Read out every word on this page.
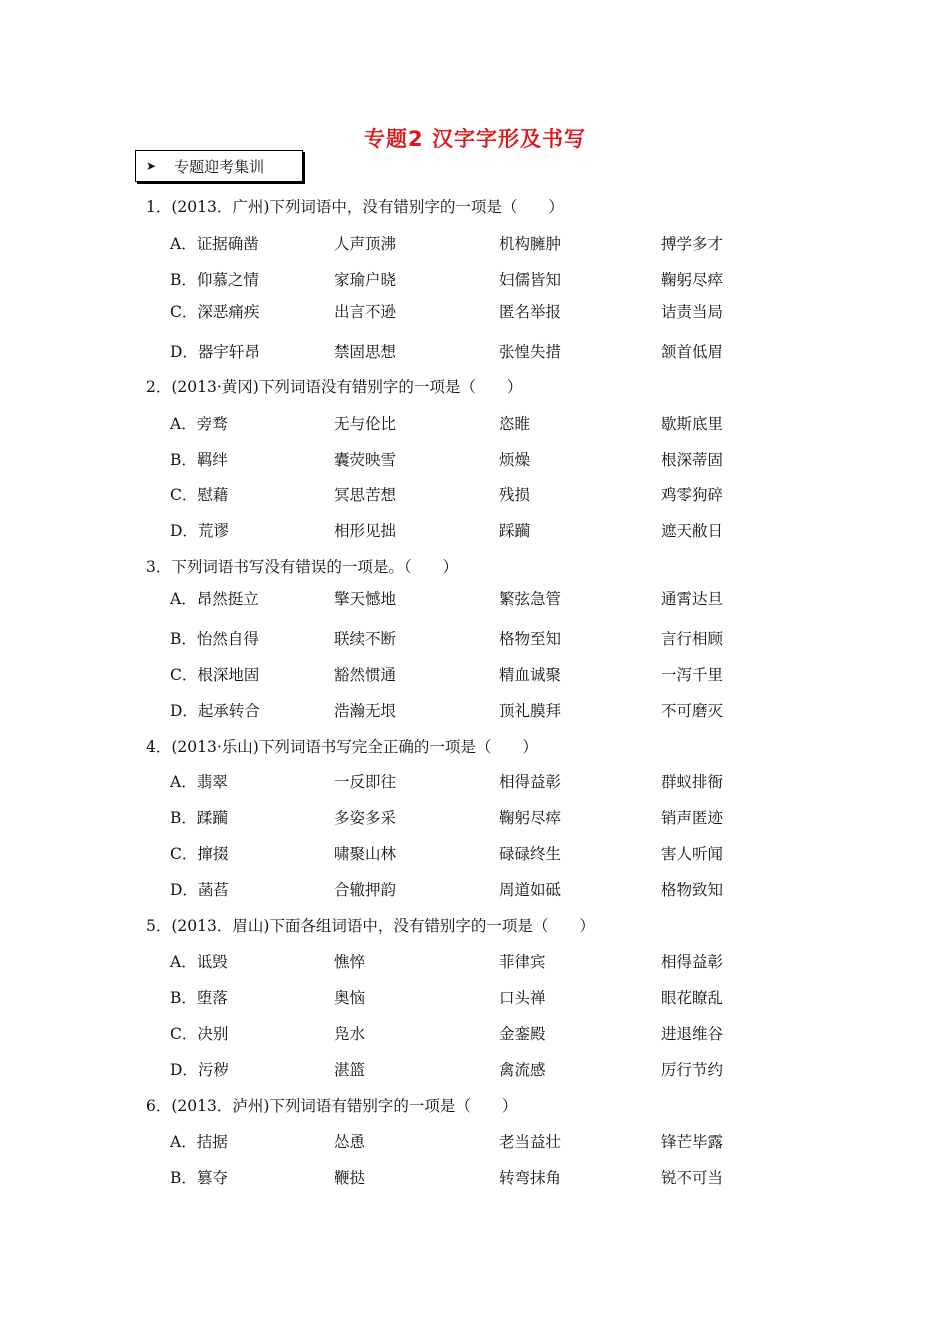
专题2 汉字字形及书写
➤ 专题迎考集训
1．(2013．广州)下列词语中，没有错别字的一项是（　　）
A．证据确凿	人声顶沸	机构臃肿	搏学多才
B．仰慕之情	家瑜户晓	妇儒皆知	鞠躬尽瘁
C．深恶痛疾	出言不逊	匿名举报	诘责当局
D．器宇轩昂	禁固思想	张惶失措	颔首低眉
2．(2013·黄冈)下列词语没有错别字的一项是（　　）
A．旁骛	无与伦比	恣睢	歇斯底里
B．羁绊	囊荧映雪	烦燥	根深蒂固
C．慰藉	冥思苦想	残损	鸡零狗碎
D．荒谬	相形见拙	踩躏	遮天敝日
3．下列词语书写没有错误的一项是。（　　）
A．昂然挺立	擎天憾地	繁弦急管	通霄达旦
B．怡然自得	联续不断	格物至知	言行相顾
C．根深地固	豁然惯通	精血诚聚	一泻千里
D．起承转合	浩瀚无垠	顶礼膜拜	不可磨灭
4．(2013·乐山)下列词语书写完全正确的一项是（　　）
A．翡翠	一反即往	相得益彰	群蚁排衙
B．蹂躏	多姿多采	鞠躬尽瘁	销声匿迹
C．撺掇	啸聚山林	碌碌终生	害人听闻
D．菡萏	合辙押韵	周道如砥	格物致知
5．(2013．眉山)下面各组词语中，没有错别字的一项是（　　）
A．诋毁	憔悴	菲律宾	相得益彰
B．堕落	奥恼	口头禅	眼花瞭乱
C．决别	凫水	金銮殿	进退维谷
D．污秽	湛篮	禽流感	厉行节约
6．(2013．泸州)下列词语有错别字的一项是（　　）
A．拮据	怂恿	老当益壮	锋芒毕露
B．篡夺	鞭挞	转弯抹角	锐不可当
